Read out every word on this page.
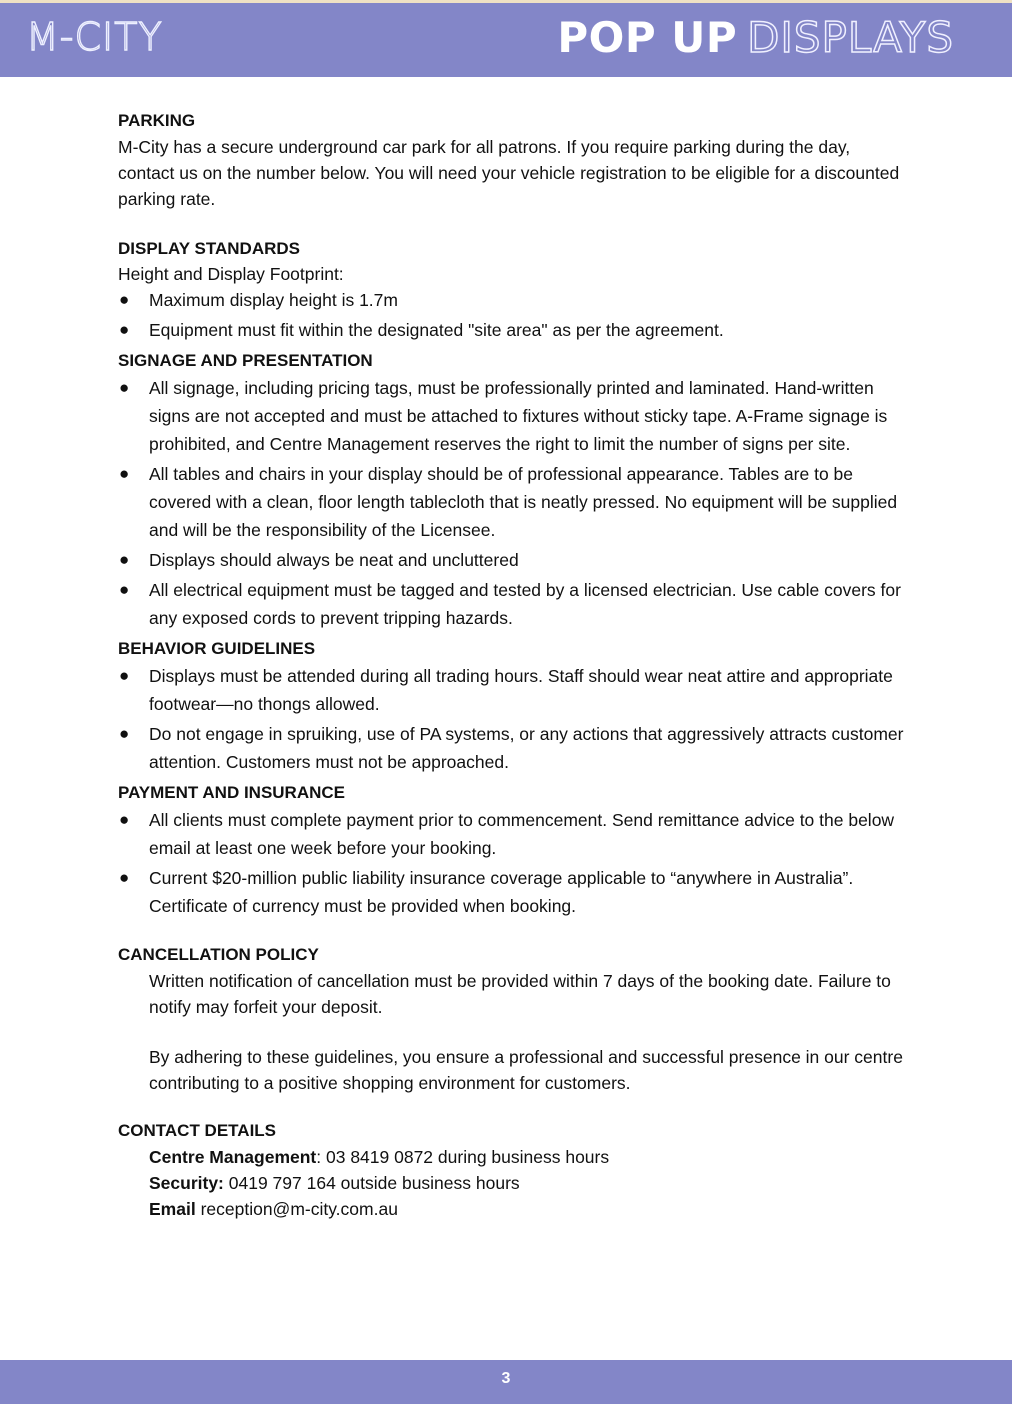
M-CITY	POP UP DISPLAYS

PARKING

M-City has a secure underground car park for all patrons. If you require parking during the day, contact us on the number below. You will need your vehicle registration to be eligible for a discounted parking rate.

DISPLAY STANDARDS

Height and Display Footprint:

● Maximum display height is 1.7m
● Equipment must fit within the designated "site area" as per the agreement.

SIGNAGE AND PRESENTATION

● All signage, including pricing tags, must be professionally printed and laminated. Hand-written signs are not accepted and must be attached to fixtures without sticky tape. A-Frame signage is prohibited, and Centre Management reserves the right to limit the number of signs per site.
● All tables and chairs in your display should be of professional appearance. Tables are to be covered with a clean, floor length tablecloth that is neatly pressed. No equipment will be supplied and will be the responsibility of the Licensee.
● Displays should always be neat and uncluttered
● All electrical equipment must be tagged and tested by a licensed electrician. Use cable covers for any exposed cords to prevent tripping hazards.

BEHAVIOR GUIDELINES

● Displays must be attended during all trading hours. Staff should wear neat attire and appropriate footwear—no thongs allowed.
● Do not engage in spruiking, use of PA systems, or any actions that aggressively attracts customer attention. Customers must not be approached.

PAYMENT AND INSURANCE

● All clients must complete payment prior to commencement. Send remittance advice to the below email at least one week before your booking.
● Current $20-million public liability insurance coverage applicable to “anywhere in Australia”. Certificate of currency must be provided when booking.

CANCELLATION POLICY

Written notification of cancellation must be provided within 7 days of the booking date. Failure to notify may forfeit your deposit.

By adhering to these guidelines, you ensure a professional and successful presence in our centre contributing to a positive shopping environment for customers.

CONTACT DETAILS

Centre Management: 03 8419 0872 during business hours

Security: 0419 797 164 outside business hours

Email reception@m-city.com.au

3
